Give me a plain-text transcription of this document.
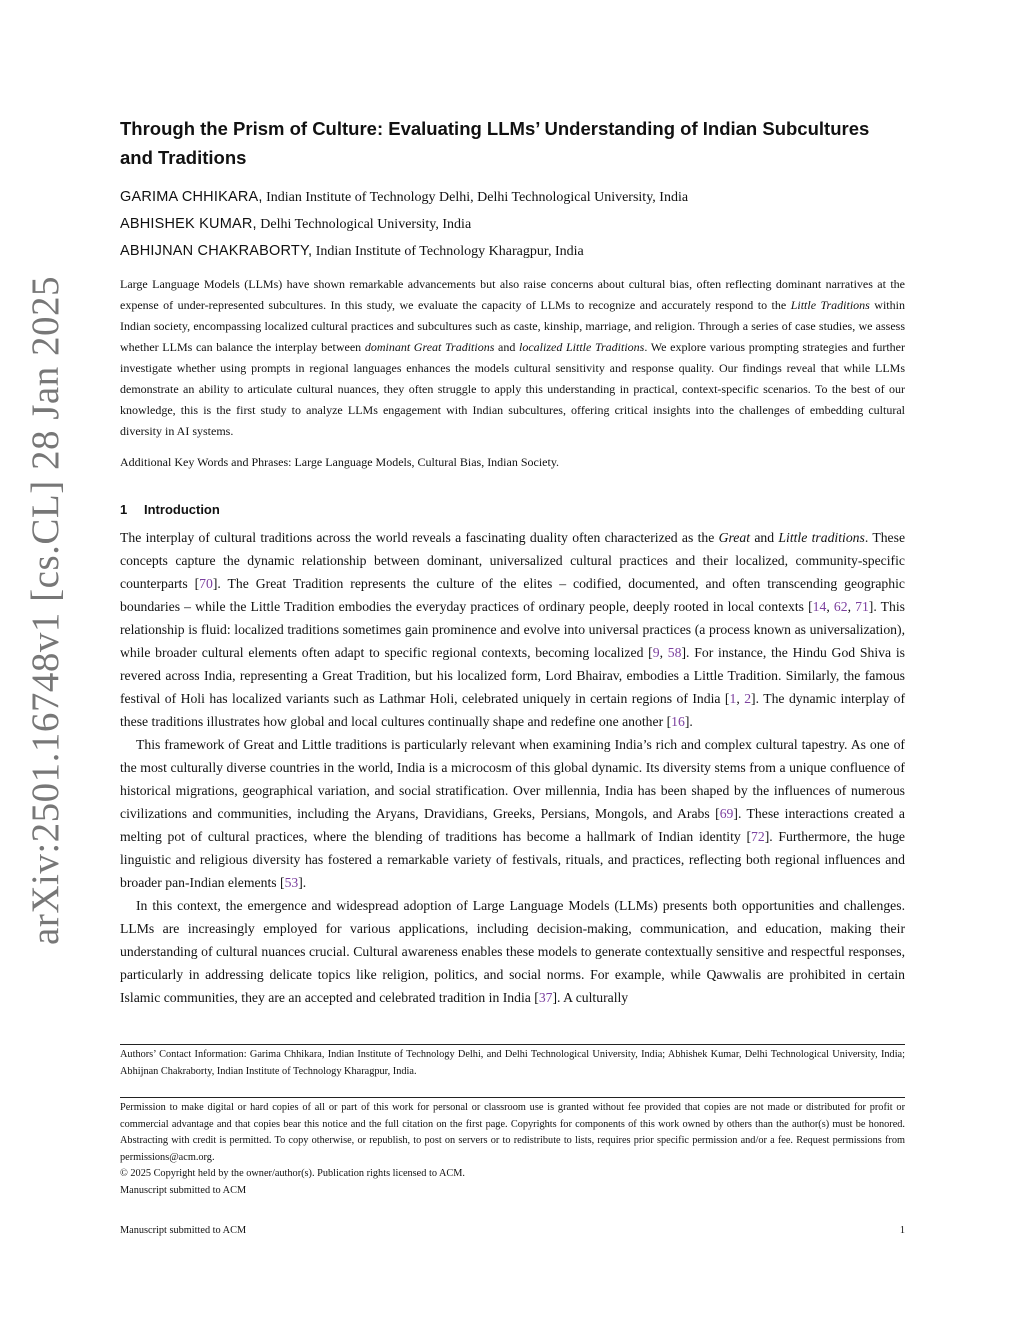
arXiv:2501.16748v1 [cs.CL] 28 Jan 2025
Through the Prism of Culture: Evaluating LLMs’ Understanding of Indian Subcultures and Traditions
GARIMA CHHIKARA, Indian Institute of Technology Delhi, Delhi Technological University, India
ABHISHEK KUMAR, Delhi Technological University, India
ABHIJNAN CHAKRABORTY, Indian Institute of Technology Kharagpur, India

Large Language Models (LLMs) have shown remarkable advancements but also raise concerns about cultural bias, often reflecting dominant narratives at the expense of under-represented subcultures. In this study, we evaluate the capacity of LLMs to recognize and accurately respond to the Little Traditions within Indian society, encompassing localized cultural practices and subcultures such as caste, kinship, marriage, and religion. Through a series of case studies, we assess whether LLMs can balance the interplay between dominant Great Traditions and localized Little Traditions. We explore various prompting strategies and further investigate whether using prompts in regional languages enhances the models cultural sensitivity and response quality. Our findings reveal that while LLMs demonstrate an ability to articulate cultural nuances, they often struggle to apply this understanding in practical, context-specific scenarios. To the best of our knowledge, this is the first study to analyze LLMs engagement with Indian subcultures, offering critical insights into the challenges of embedding cultural diversity in AI systems.

Additional Key Words and Phrases: Large Language Models, Cultural Bias, Indian Society.

1 Introduction

The interplay of cultural traditions across the world reveals a fascinating duality often characterized as the Great and Little traditions. These concepts capture the dynamic relationship between dominant, universalized cultural practices and their localized, community-specific counterparts [70]. The Great Tradition represents the culture of the elites – codified, documented, and often transcending geographic boundaries – while the Little Tradition embodies the everyday practices of ordinary people, deeply rooted in local contexts [14, 62, 71]. This relationship is fluid: localized traditions sometimes gain prominence and evolve into universal practices (a process known as universalization), while broader cultural elements often adapt to specific regional contexts, becoming localized [9, 58]. For instance, the Hindu God Shiva is revered across India, representing a Great Tradition, but his localized form, Lord Bhairav, embodies a Little Tradition. Similarly, the famous festival of Holi has localized variants such as Lathmar Holi, celebrated uniquely in certain regions of India [1, 2]. The dynamic interplay of these traditions illustrates how global and local cultures continually shape and redefine one another [16].

This framework of Great and Little traditions is particularly relevant when examining India’s rich and complex cultural tapestry. As one of the most culturally diverse countries in the world, India is a microcosm of this global dynamic. Its diversity stems from a unique confluence of historical migrations, geographical variation, and social stratification. Over millennia, India has been shaped by the influences of numerous civilizations and communities, including the Aryans, Dravidians, Greeks, Persians, Mongols, and Arabs [69]. These interactions created a melting pot of cultural practices, where the blending of traditions has become a hallmark of Indian identity [72]. Furthermore, the huge linguistic and religious diversity has fostered a remarkable variety of festivals, rituals, and practices, reflecting both regional influences and broader pan-Indian elements [53].

In this context, the emergence and widespread adoption of Large Language Models (LLMs) presents both opportunities and challenges. LLMs are increasingly employed for various applications, including decision-making, communication, and education, making their understanding of cultural nuances crucial. Cultural awareness enables these models to generate contextually sensitive and respectful responses, particularly in addressing delicate topics like religion, politics, and social norms. For example, while Qawwalis are prohibited in certain Islamic communities, they are an accepted and celebrated tradition in India [37]. A culturally

Authors’ Contact Information: Garima Chhikara, Indian Institute of Technology Delhi, and Delhi Technological University, India; Abhishek Kumar, Delhi Technological University, India; Abhijnan Chakraborty, Indian Institute of Technology Kharagpur, India.

Permission to make digital or hard copies of all or part of this work for personal or classroom use is granted without fee provided that copies are not made or distributed for profit or commercial advantage and that copies bear this notice and the full citation on the first page. Copyrights for components of this work owned by others than the author(s) must be honored. Abstracting with credit is permitted. To copy otherwise, or republish, to post on servers or to redistribute to lists, requires prior specific permission and/or a fee. Request permissions from permissions@acm.org.
© 2025 Copyright held by the owner/author(s). Publication rights licensed to ACM.
Manuscript submitted to ACM
Manuscript submitted to ACM	1
